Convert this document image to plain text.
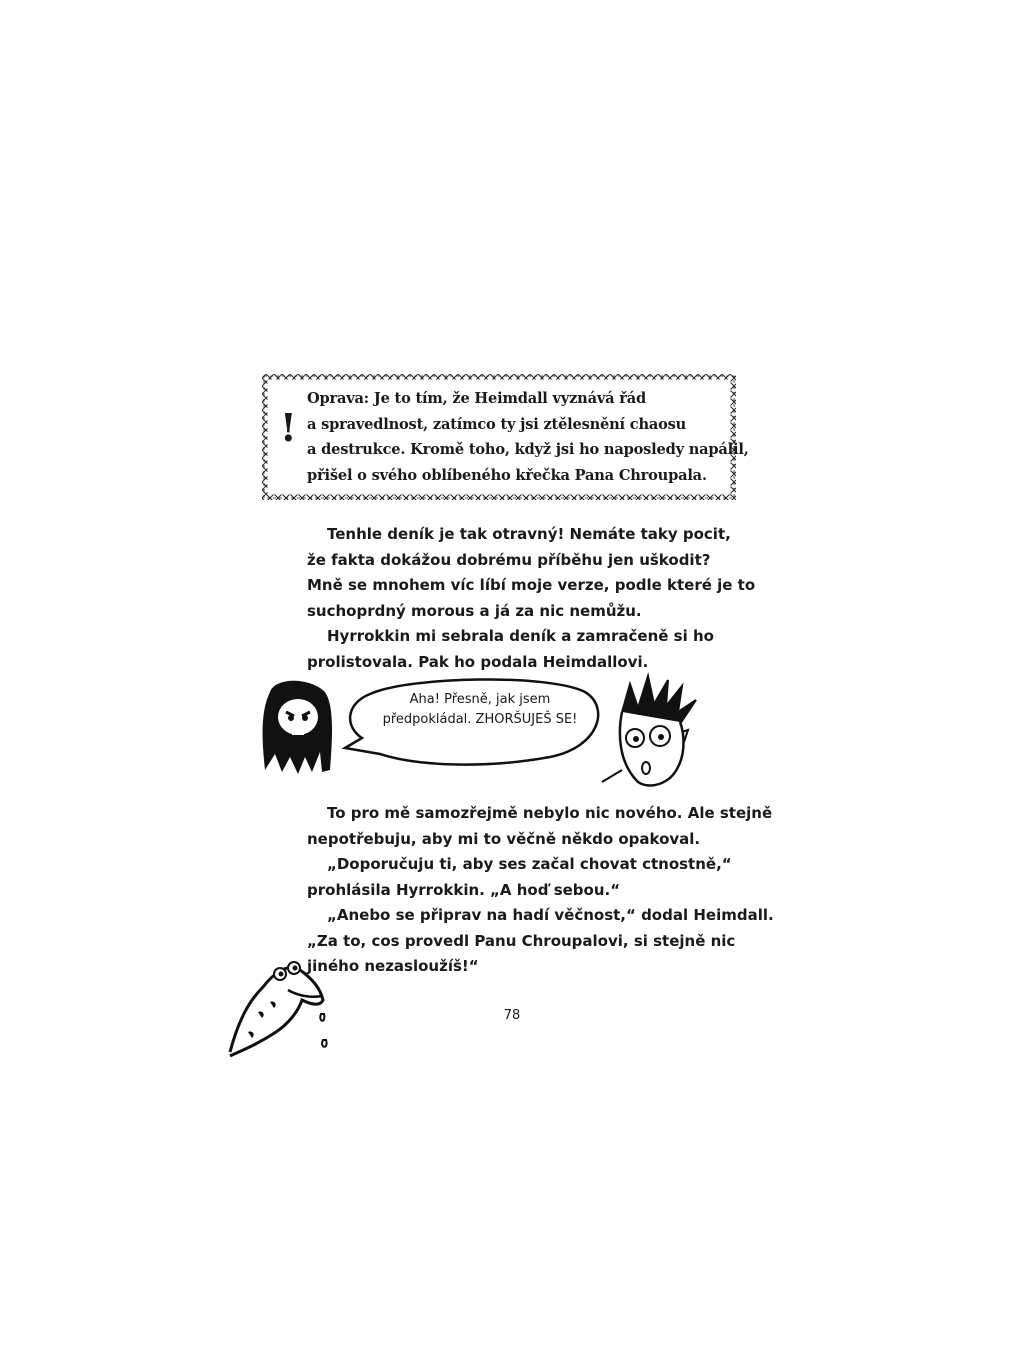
!
Oprava: Je to tím, že Heimdall vyznává řád
a spravedlnost, zatímco ty jsi ztělesnění chaosu
a destrukce. Kromě toho, když jsi ho naposledy napálil,
přišel o svého oblíbeného křečka Pana Chroupala.
Tenhle deník je tak otravný! Nemáte taky pocit,
že fakta dokážou dobrému příběhu jen uškodit?
Mně se mnohem víc líbí moje verze, podle které je to
suchoprdný morous a já za nic nemůžu.
Hyrrokkin mi sebrala deník a zamračeně si ho
prolistovala. Pak ho podala Heimdallovi.
Aha! Přesně, jak jsem
předpokládal. ZHORŠUJEŠ SE!
To pro mě samozřejmě nebylo nic nového. Ale stejně
nepotřebuju, aby mi to věčně někdo opakoval.
„Doporučuju ti, aby ses začal chovat ctnostně,“
prohlásila Hyrrokkin. „A hoď sebou.“
„Anebo se připrav na hadí věčnost,“ dodal Heimdall.
„Za to, cos provedl Panu Chroupalovi, si stejně nic
jiného nezasloužíš!“
78
